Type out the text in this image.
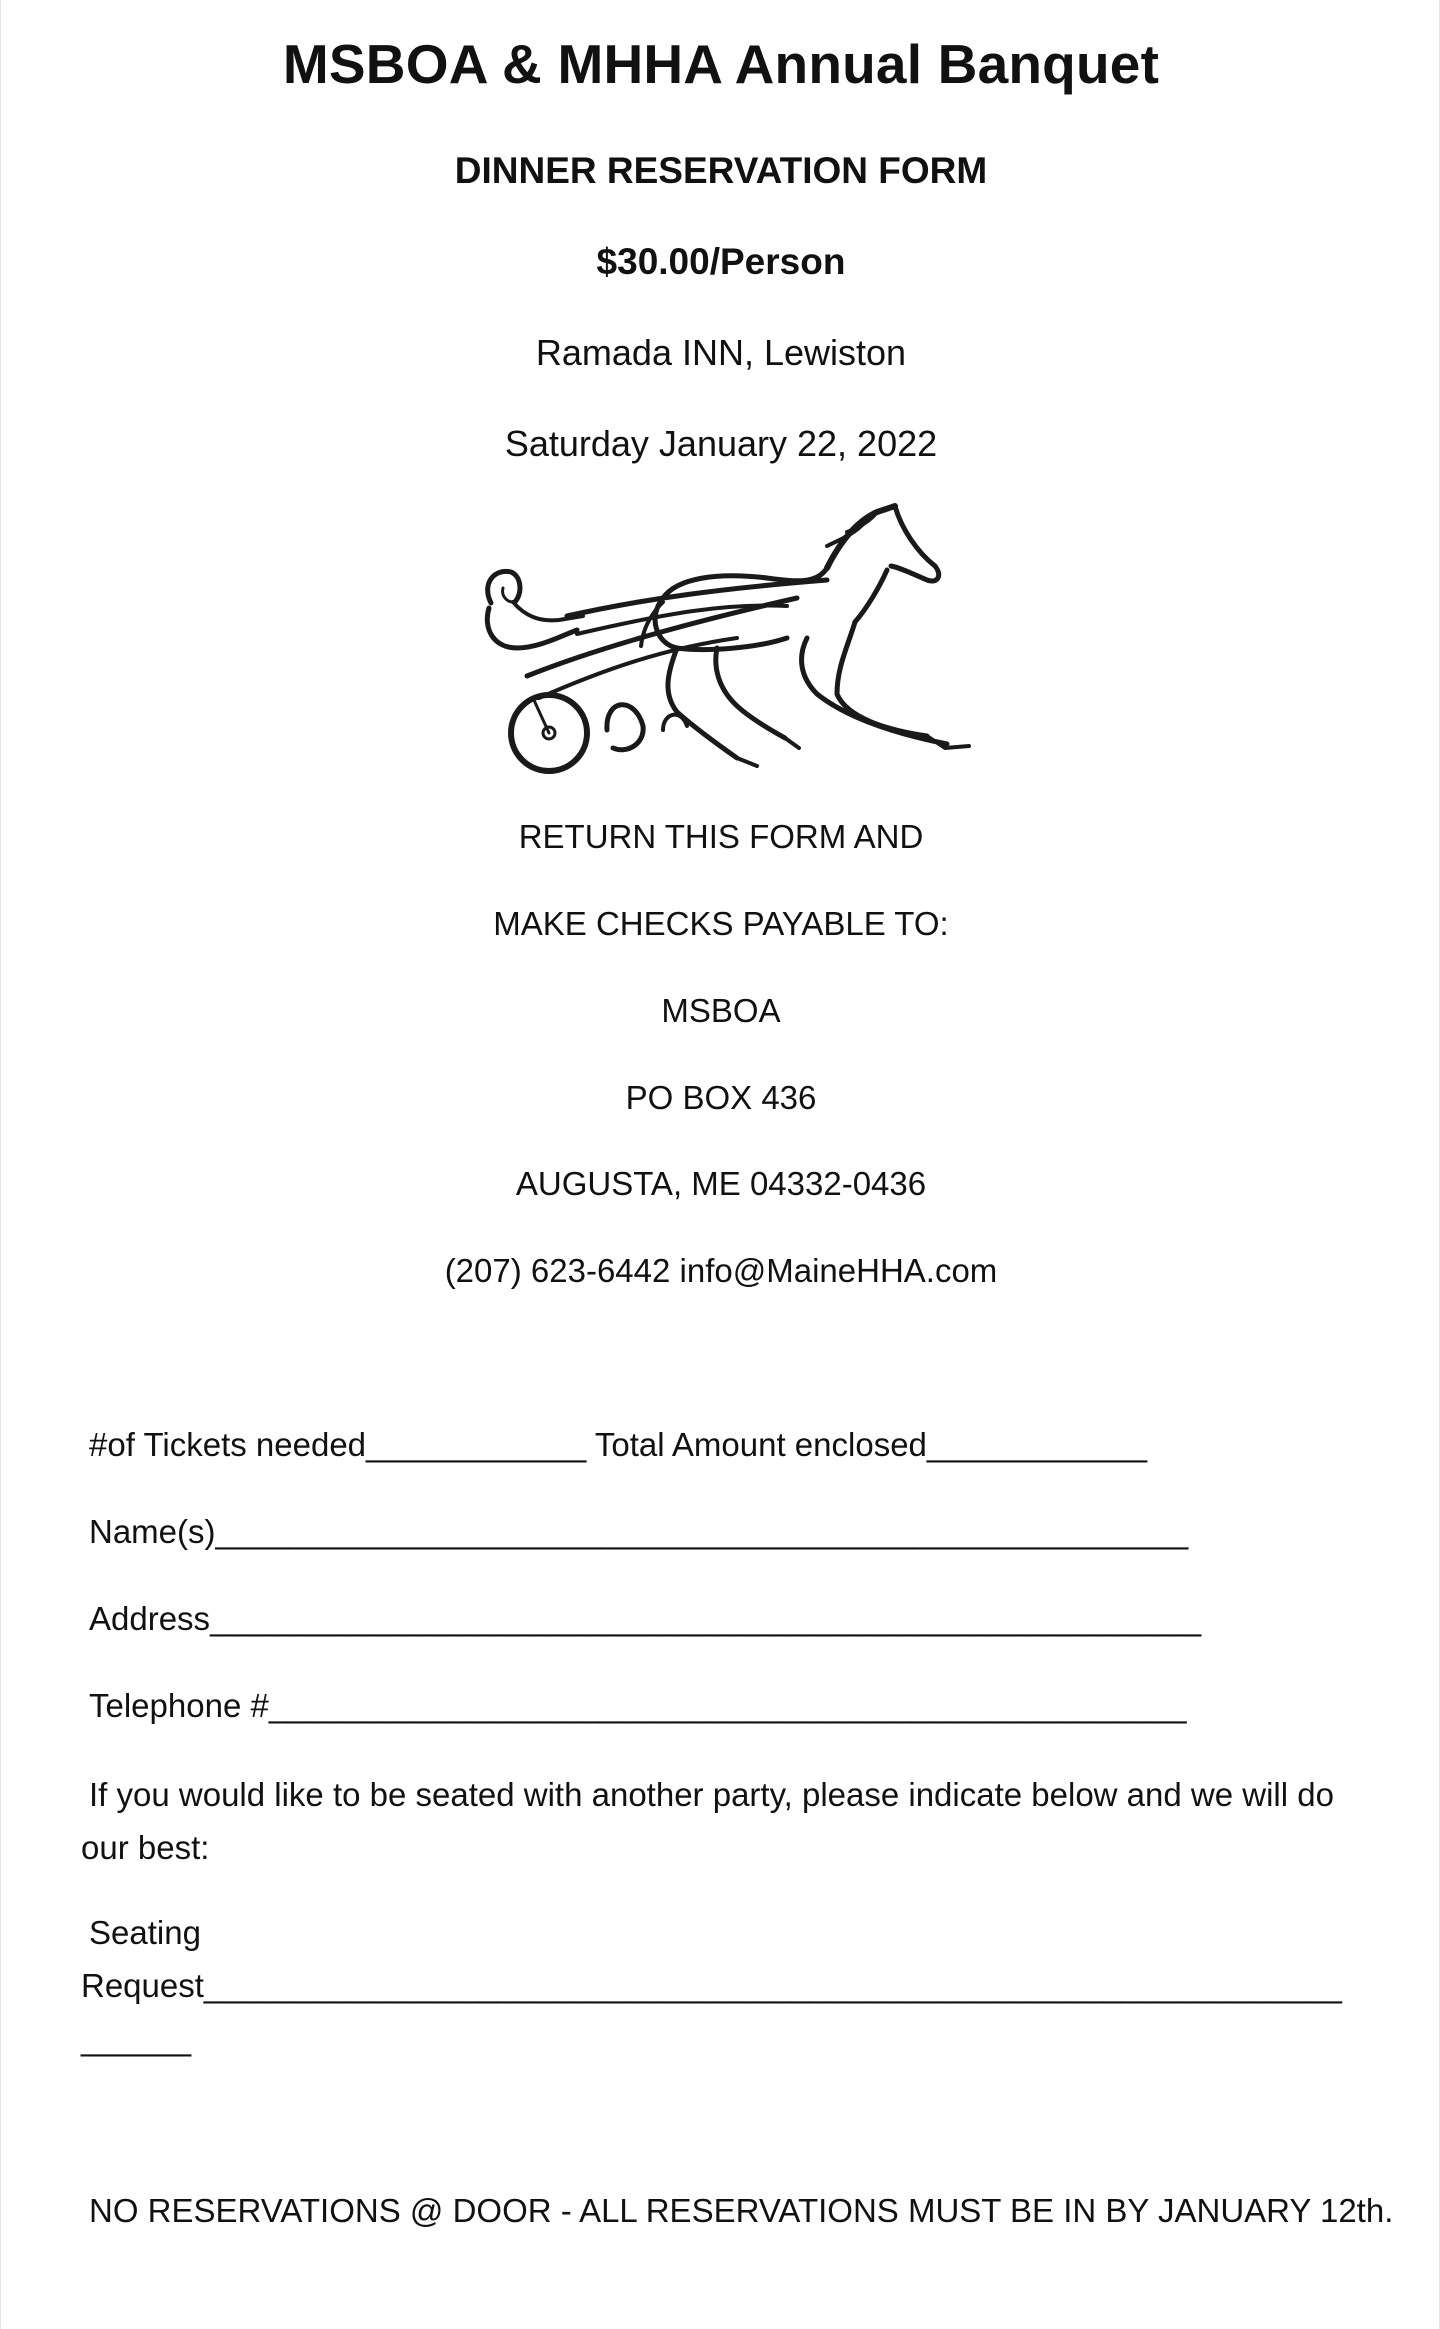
MSBOA & MHHA Annual Banquet
DINNER RESERVATION FORM
$30.00/Person
Ramada INN, Lewiston
Saturday January 22, 2022
RETURN THIS FORM AND
MAKE CHECKS PAYABLE TO:
MSBOA
PO BOX 436
AUGUSTA, ME 04332-0436
(207) 623-6442 info@MaineHHA.com
#of Tickets needed____________ Total Amount enclosed____________
Name(s)_____________________________________________________
Address______________________________________________________
Telephone #__________________________________________________
If you would like to be seated with another party, please indicate below and we will do our best:
Seating
Request______________________________________________________________
______
NO RESERVATIONS @ DOOR - ALL RESERVATIONS MUST BE IN BY JANUARY 12th.
